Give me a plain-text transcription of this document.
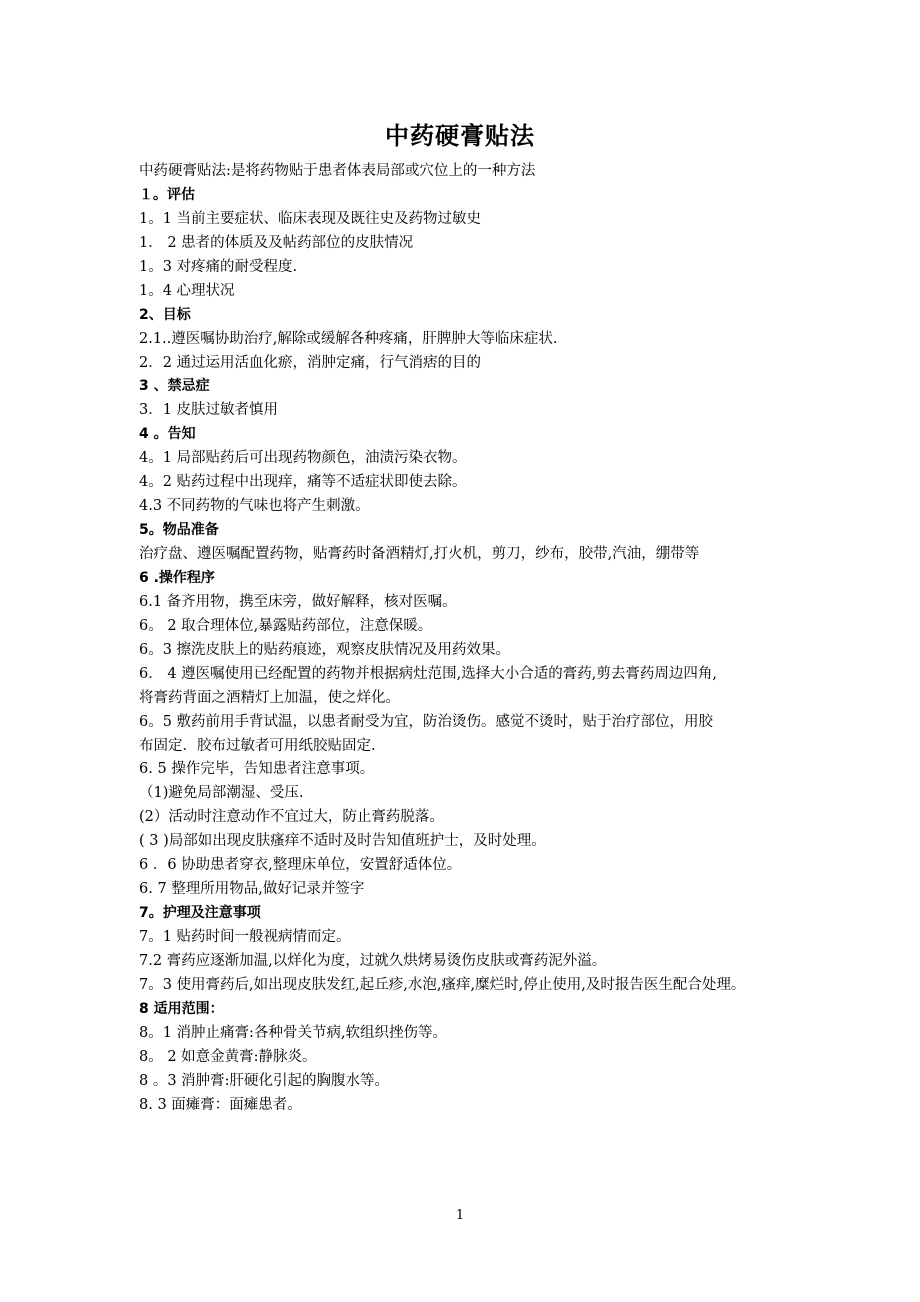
中药硬膏贴法
中药硬膏贴法:是将药物贴于患者体表局部或穴位上的一种方法
１。评估
1。1 当前主要症状、临床表现及既往史及药物过敏史
1． 2 患者的体质及及帖药部位的皮肤情况
1。3 对疼痛的耐受程度.
1。4 心理状况
2、目标
2.1..遵医嘱协助治疗,解除或缓解各种疼痛，肝脾肿大等临床症状.
2．2 通过运用活血化瘀，消肿定痛，行气消痞的目的
3 、禁忌症
3．1 皮肤过敏者慎用
4 。告知
4。1 局部贴药后可出现药物颜色，油渍污染衣物。
4。2 贴药过程中出现痒，痛等不适症状即使去除。
4.3 不同药物的气味也将产生刺激。
5。物品准备
治疗盘、遵医嘱配置药物，贴膏药时备酒精灯,打火机，剪刀，纱布，胶带,汽油，绷带等
6 .操作程序
6.1 备齐用物，携至床旁，做好解释，核对医嘱。
6。 2 取合理体位,暴露贴药部位，注意保暖。
6。3 擦洗皮肤上的贴药痕迹，观察皮肤情况及用药效果。
6． 4 遵医嘱使用已经配置的药物并根据病灶范围,选择大小合适的膏药,剪去膏药周边四角,
将膏药背面之酒精灯上加温，使之烊化。
6。5 敷药前用手背试温，以患者耐受为宜，防治烫伤。感觉不烫时，贴于治疗部位，用胶
布固定．胶布过敏者可用纸胶贴固定.
6. 5 操作完毕，告知患者注意事项。
（1)避免局部潮湿、受压.
(2）活动时注意动作不宜过大，防止膏药脱落。
( 3 )局部如出现皮肤瘙痒不适时及时告知值班护士，及时处理。
6 ．6 协助患者穿衣,整理床单位，安置舒适体位。
6. 7 整理所用物品,做好记录并签字
7。护理及注意事项
7。1 贴药时间一般视病情而定。
7.2 膏药应逐渐加温,以烊化为度，过就久烘烤易烫伤皮肤或膏药泥外溢。
7。3 使用膏药后,如出现皮肤发红,起丘疹,水泡,瘙痒,糜烂时,停止使用,及时报告医生配合处理。
8 适用范围：
8。1 消肿止痛膏:各种骨关节病,软组织挫伤等。
8。 2 如意金黄膏:静脉炎。
8 。3 消肿膏:肝硬化引起的胸腹水等。
8. 3 面瘫膏：面瘫患者。
1
